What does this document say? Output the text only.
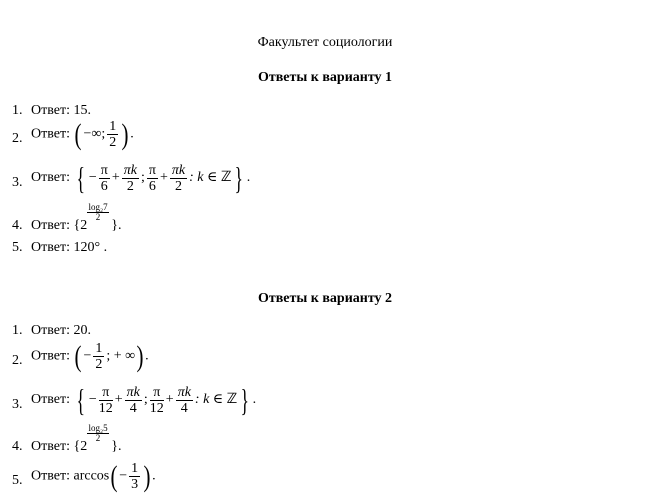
Факультет социологии
Ответы к варианту 1
1. Ответ: 15.
2. Ответ: ( −∞; $\frac{1}{2}$ ) .
3. Ответ: { − $\frac{\pi}{6} + \frac{\pi k}{2}$ ; $\frac{\pi}{6} + \frac{\pi k}{2}$ : k ∈ ℤ } .
4. Ответ: {2
log₂7
2
}.
5. Ответ: 120° .
Ответы к варианту 2
1. Ответ: 20.
2. Ответ: ( − $\frac{1}{2}$ ; + ∞) .
3. Ответ: { − $\frac{\pi}{12} + \frac{\pi k}{4}$ ; $\frac{\pi}{12} + \frac{\pi k}{4}$ : k ∈ ℤ } .
4. Ответ: {2
log₂5
2
}.
5. Ответ: $\arccos( - \frac{1}{3}$ ) .
